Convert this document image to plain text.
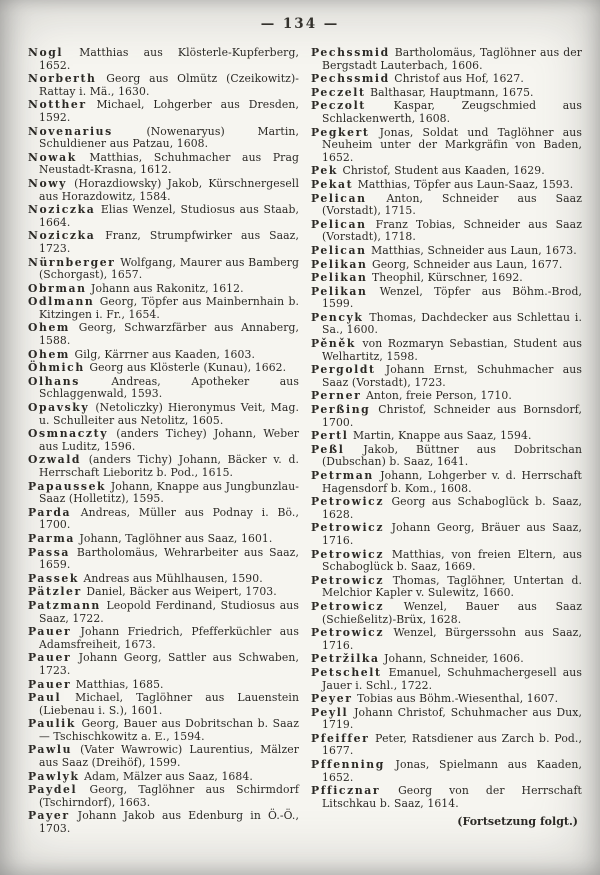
— 134 —

Nogl Matthias aus Klösterle-Kupferberg, 1652.

Norberth Georg aus Olmütz (Czeikowitz)-Rattay i. Mä., 1630.

Notther Michael, Lohgerber aus Dresden, 1592.

Novenarius (Nowenaryus) Martin, Schuldiener aus Patzau, 1608.

Nowak Matthias, Schuhmacher aus Prag Neustadt-Krasna, 1612.

Nowy (Horazdiowsky) Jakob, Kürschnergesell aus Horazdowitz, 1584.

Noziczka Elias Wenzel, Studiosus aus Staab, 1664.

Noziczka Franz, Strumpfwirker aus Saaz, 1723.

Nürnberger Wolfgang, Maurer aus Bamberg (Schorgast), 1657.

Obrman Johann aus Rakonitz, 1612.

Odlmann Georg, Töpfer aus Mainbernhain b. Kitzingen i. Fr., 1654.

Ohem Georg, Schwarzfärber aus Annaberg, 1588.

Ohem Gilg, Kärrner aus Kaaden, 1603.

Öhmich Georg aus Klösterle (Kunau), 1662.

Olhans Andreas, Apotheker aus Schlaggenwald, 1593.

Opavsky (Netoliczky) Hieronymus Veit, Mag. u. Schulleiter aus Netolitz, 1605.

Osmnaczty (anders Tichey) Johann, Weber aus Luditz, 1596.

Ozwald (anders Tichy) Johann, Bäcker v. d. Herrschaft Lieboritz b. Pod., 1615.

Papaussek Johann, Knappe aus Jungbunzlau-Saaz (Holletitz), 1595.

Parda Andreas, Müller aus Podnay i. Bö., 1700.

Parma Johann, Taglöhner aus Saaz, 1601.

Passa Bartholomäus, Wehrarbeiter aus Saaz, 1659.

Passek Andreas aus Mühlhausen, 1590.

Pätzler Daniel, Bäcker aus Weipert, 1703.

Patzmann Leopold Ferdinand, Studiosus aus Saaz, 1722.

Pauer Johann Friedrich, Pfefferküchler aus Adamsfreiheit, 1673.

Pauer Johann Georg, Sattler aus Schwaben, 1723.

Pauer Matthias, 1685.

Paul Michael, Taglöhner aus Lauenstein (Liebenau i. S.), 1601.

Paulik Georg, Bauer aus Dobritschan b. Saaz — Tschischkowitz a. E., 1594.

Pawlu (Vater Wawrowic) Laurentius, Mälzer aus Saaz (Dreihöf), 1599.

Pawlyk Adam, Mälzer aus Saaz, 1684.

Paydel Georg, Taglöhner aus Schirmdorf (Tschirndorf), 1663.

Payer Johann Jakob aus Edenburg in Ö.-Ö., 1703.

Pechssmid Bartholomäus, Taglöhner aus der Bergstadt Lauterbach, 1606.

Pechssmid Christof aus Hof, 1627.

Peczelt Balthasar, Hauptmann, 1675.

Peczolt Kaspar, Zeugschmied aus Schlackenwerth, 1608.

Pegkert Jonas, Soldat und Taglöhner aus Neuheim unter der Markgräfin von Baden, 1652.

Pek Christof, Student aus Kaaden, 1629.

Pekat Matthias, Töpfer aus Laun-Saaz, 1593.

Pelican Anton, Schneider aus Saaz (Vorstadt), 1715.

Pelican Franz Tobias, Schneider aus Saaz (Vorstadt), 1718.

Pelican Matthias, Schneider aus Laun, 1673.

Pelikan Georg, Schneider aus Laun, 1677.

Pelikan Theophil, Kürschner, 1692.

Pelikan Wenzel, Töpfer aus Böhm.-Brod, 1599.

Pencyk Thomas, Dachdecker aus Schlettau i. Sa., 1600.

Pěněk von Rozmaryn Sebastian, Student aus Welhartitz, 1598.

Pergoldt Johann Ernst, Schuhmacher aus Saaz (Vorstadt), 1723.

Perner Anton, freie Person, 1710.

Perßing Christof, Schneider aus Bornsdorf, 1700.

Pertl Martin, Knappe aus Saaz, 1594.

Peßl Jakob, Büttner aus Dobritschan (Dubschan) b. Saaz, 1641.

Petrman Johann, Lohgerber v. d. Herrschaft Hagensdorf b. Kom., 1608.

Petrowicz Georg aus Schaboglück b. Saaz, 1628.

Petrowicz Johann Georg, Bräuer aus Saaz, 1716.

Petrowicz Matthias, von freien Eltern, aus Schaboglück b. Saaz, 1669.

Petrowicz Thomas, Taglöhner, Untertan d. Melchior Kapler v. Sulewitz, 1660.

Petrowicz Wenzel, Bauer aus Saaz (Schießelitz)-Brüx, 1628.

Petrowicz Wenzel, Bürgerssohn aus Saaz, 1716.

Petržilka Johann, Schneider, 1606.

Petschelt Emanuel, Schuhmachergesell aus Jauer i. Schl., 1722.

Peyer Tobias aus Böhm.-Wiesenthal, 1607.

Peyll Johann Christof, Schuhmacher aus Dux, 1719.

Pfeiffer Peter, Ratsdiener aus Zarch b. Pod., 1677.

Pffenning Jonas, Spielmann aus Kaaden, 1652.

Pfficznar Georg von der Herrschaft Litschkau b. Saaz, 1614.

(Fortsetzung folgt.)
